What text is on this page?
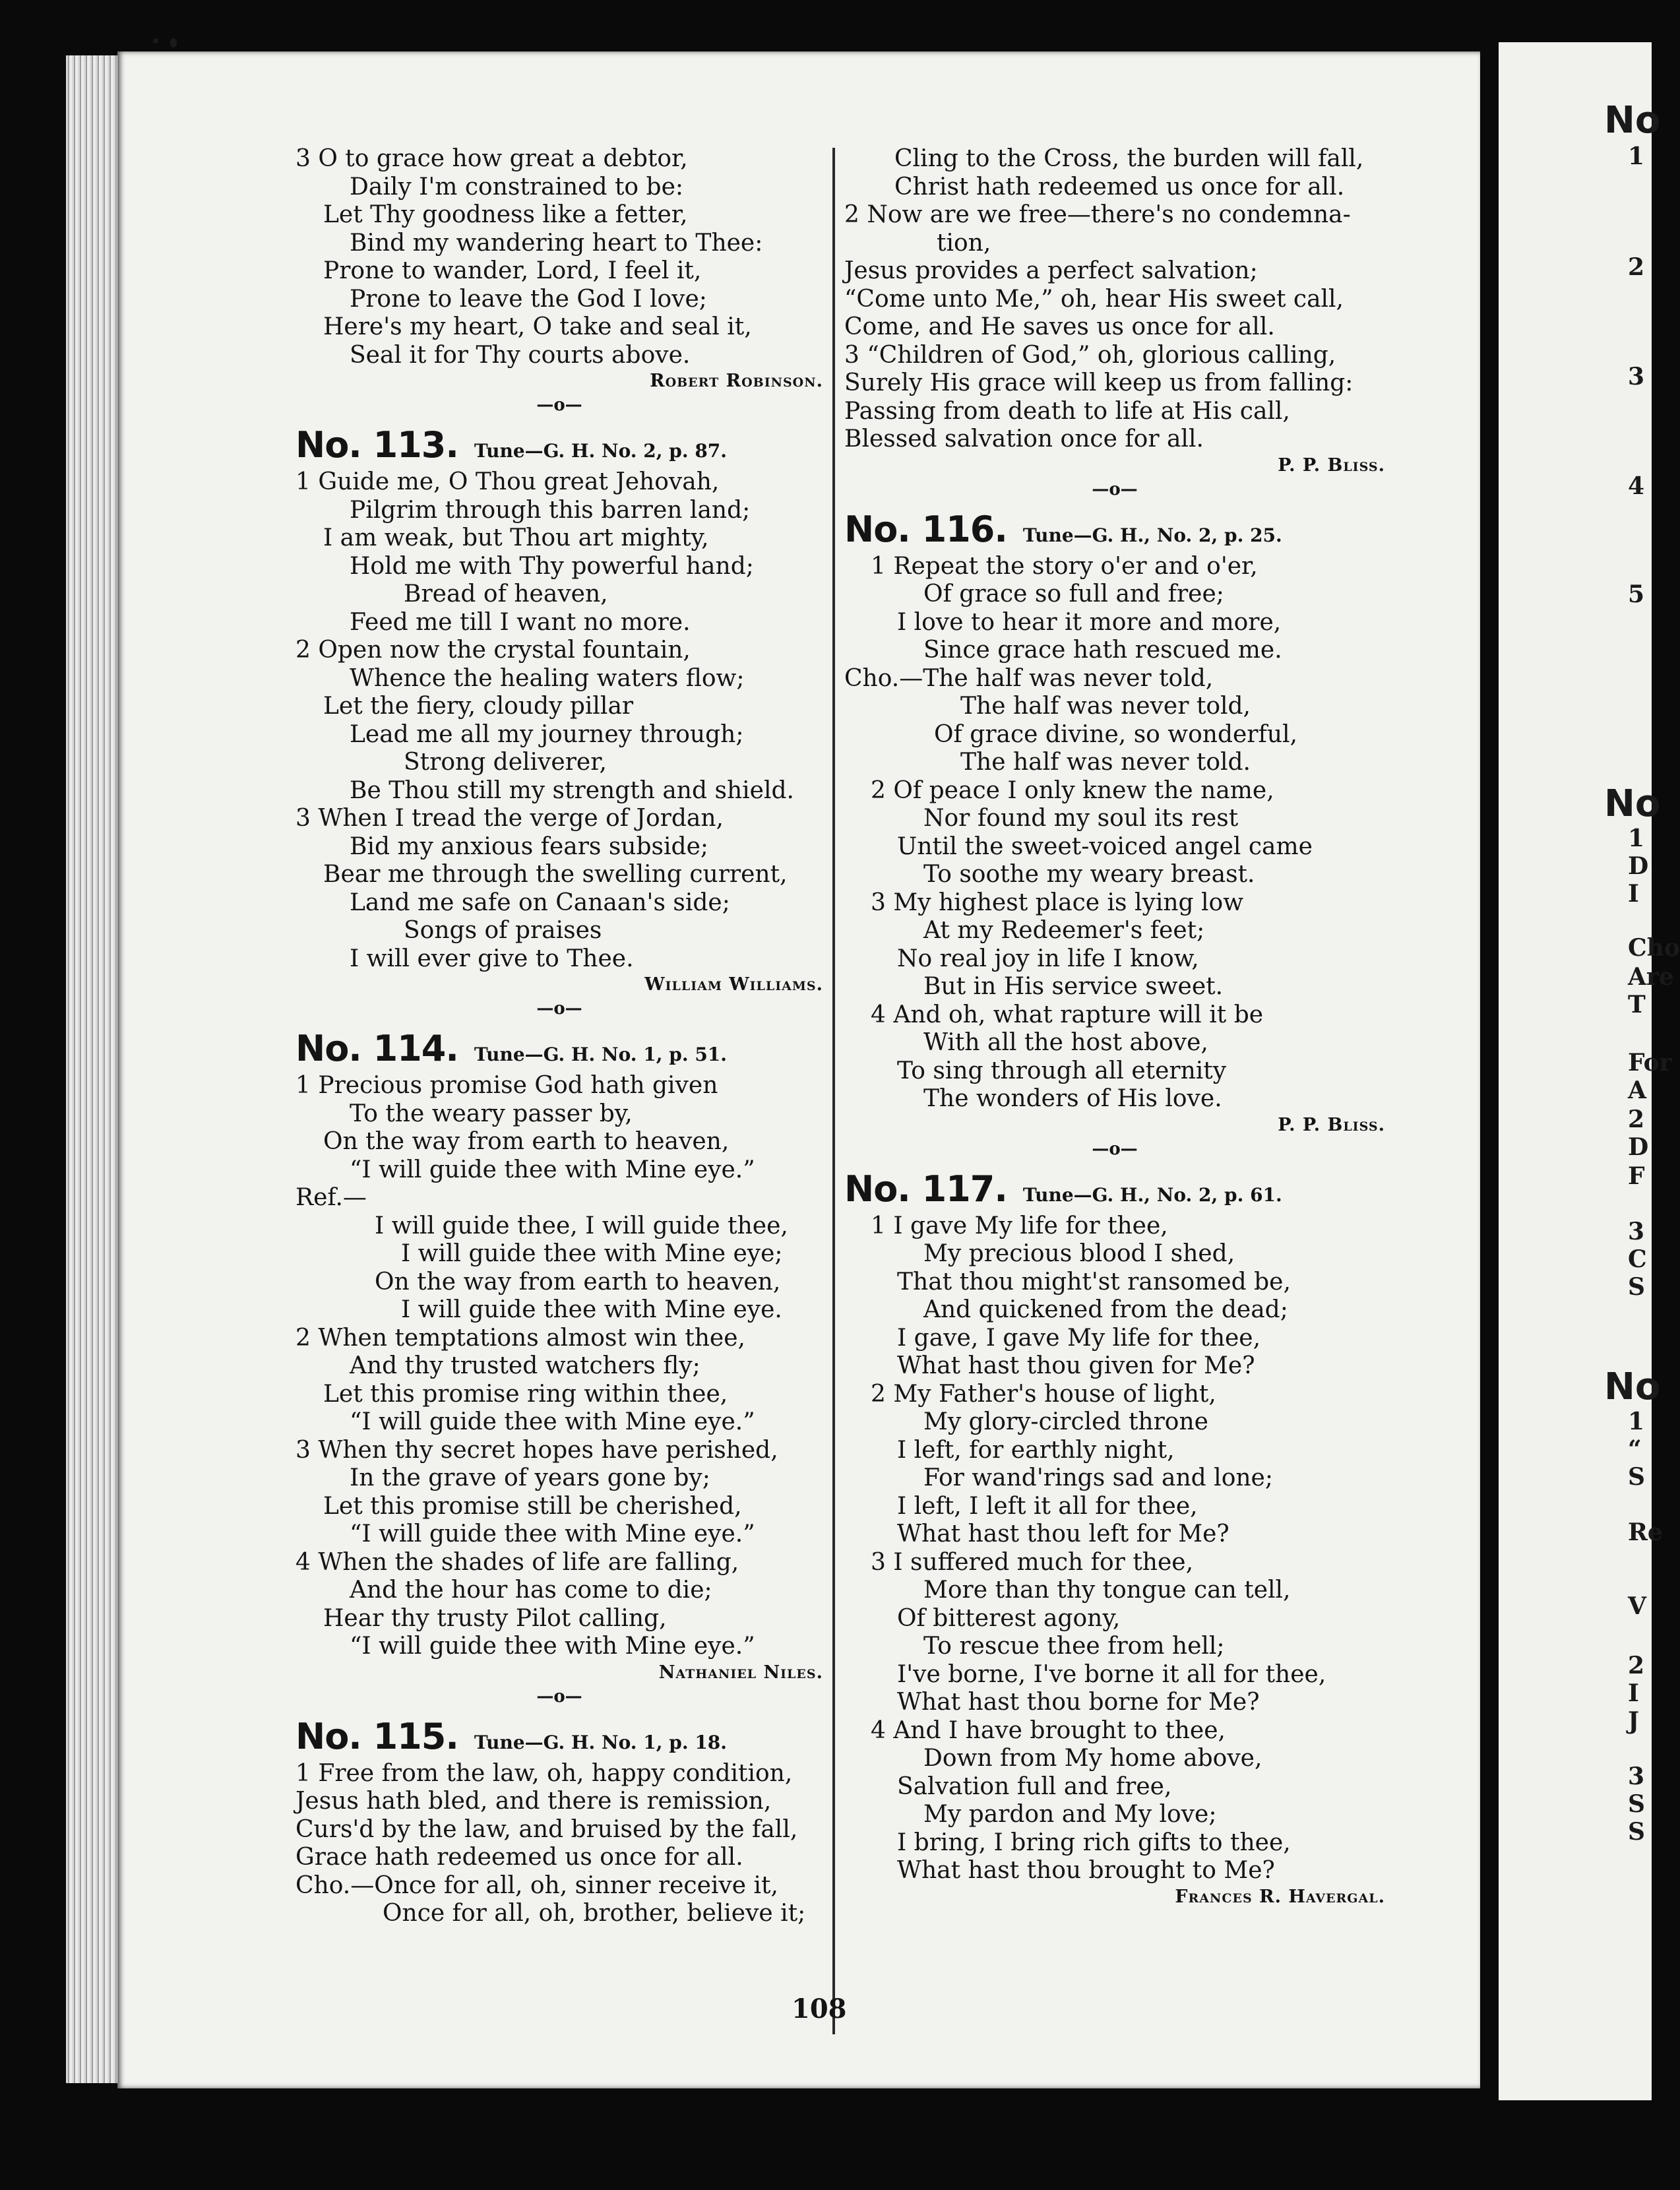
3 O to grace how great a debtor,
Daily I'm constrained to be:
Let Thy goodness like a fetter,
Bind my wandering heart to Thee:
Prone to wander, Lord, I feel it,
Prone to leave the God I love;
Here's my heart, O take and seal it,
Seal it for Thy courts above.
Robert Robinson.
—o—
No. 113. Tune—G. H. No. 2, p. 87.
1 Guide me, O Thou great Jehovah,
Pilgrim through this barren land;
I am weak, but Thou art mighty,
Hold me with Thy powerful hand;
Bread of heaven,
Feed me till I want no more.
2 Open now the crystal fountain,
Whence the healing waters flow;
Let the fiery, cloudy pillar
Lead me all my journey through;
Strong deliverer,
Be Thou still my strength and shield.
3 When I tread the verge of Jordan,
Bid my anxious fears subside;
Bear me through the swelling current,
Land me safe on Canaan's side;
Songs of praises
I will ever give to Thee.
William Williams.
—o—
No. 114. Tune—G. H. No. 1, p. 51.
1 Precious promise God hath given
To the weary passer by,
On the way from earth to heaven,
“I will guide thee with Mine eye.”
Ref.—
I will guide thee, I will guide thee,
I will guide thee with Mine eye;
On the way from earth to heaven,
I will guide thee with Mine eye.
2 When temptations almost win thee,
And thy trusted watchers fly;
Let this promise ring within thee,
“I will guide thee with Mine eye.”
3 When thy secret hopes have perished,
In the grave of years gone by;
Let this promise still be cherished,
“I will guide thee with Mine eye.”
4 When the shades of life are falling,
And the hour has come to die;
Hear thy trusty Pilot calling,
“I will guide thee with Mine eye.”
Nathaniel Niles.
—o—
No. 115. Tune—G. H. No. 1, p. 18.
1 Free from the law, oh, happy condition,
Jesus hath bled, and there is remission,
Curs'd by the law, and bruised by the fall,
Grace hath redeemed us once for all.
Cho.—Once for all, oh, sinner receive it,
Once for all, oh, brother, believe it;
Cling to the Cross, the burden will fall,
Christ hath redeemed us once for all.
2 Now are we free—there's no condemna-
tion,
Jesus provides a perfect salvation;
“Come unto Me,” oh, hear His sweet call,
Come, and He saves us once for all.
3 “Children of God,” oh, glorious calling,
Surely His grace will keep us from falling:
Passing from death to life at His call,
Blessed salvation once for all.
P. P. Bliss.
—o—
No. 116. Tune—G. H., No. 2, p. 25.
1 Repeat the story o'er and o'er,
Of grace so full and free;
I love to hear it more and more,
Since grace hath rescued me.
Cho.—The half was never told,
The half was never told,
Of grace divine, so wonderful,
The half was never told.
2 Of peace I only knew the name,
Nor found my soul its rest
Until the sweet-voiced angel came
To soothe my weary breast.
3 My highest place is lying low
At my Redeemer's feet;
No real joy in life I know,
But in His service sweet.
4 And oh, what rapture will it be
With all the host above,
To sing through all eternity
The wonders of His love.
P. P. Bliss.
—o—
No. 117. Tune—G. H., No. 2, p. 61.
1 I gave My life for thee,
My precious blood I shed,
That thou might'st ransomed be,
And quickened from the dead;
I gave, I gave My life for thee,
What hast thou given for Me?
2 My Father's house of light,
My glory-circled throne
I left, for earthly night,
For wand'rings sad and lone;
I left, I left it all for thee,
What hast thou left for Me?
3 I suffered much for thee,
More than thy tongue can tell,
Of bitterest agony,
To rescue thee from hell;
I've borne, I've borne it all for thee,
What hast thou borne for Me?
4 And I have brought to thee,
Down from My home above,
Salvation full and free,
My pardon and My love;
I bring, I bring rich gifts to thee,
What hast thou brought to Me?
Frances R. Havergal.
108
No
1
2
3
4
5
No
1 D
I
Cho
Are
T
For
A
2 D
F
3 C
S
No
1 “
S
Re
V
2 I
J
3 S
S
